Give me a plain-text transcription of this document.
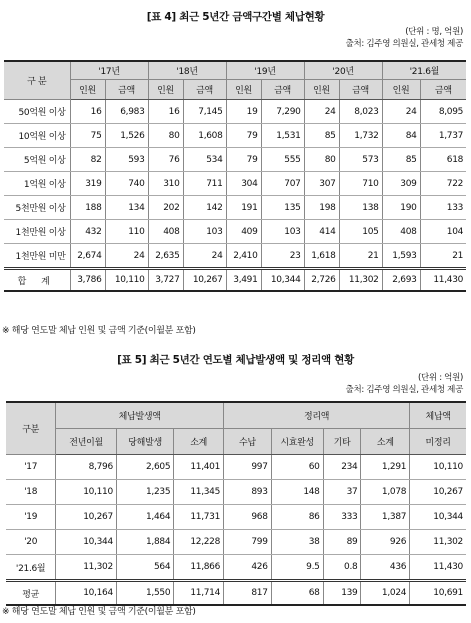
[표 4] 최근 5년간 금액구간별 체납현황
(단위 : 명, 억원)
출처: 김주영 의원실, 관세청 제공
구 분	'17년		'18년		'19년		'20년		'21.6월	
	인원	금액	인원	금액	인원	금액	인원	금액	인원	금액
50억원 이상	16	6,983	16	7,145	19	7,290	24	8,023	24	8,095
10억원 이상	75	1,526	80	1,608	79	1,531	85	1,732	84	1,737
5억원 이상	82	593	76	534	79	555	80	573	85	618
1억원 이상	319	740	310	711	304	707	307	710	309	722
5천만원 이상	188	134	202	142	191	135	198	138	190	133
1천만원 이상	432	110	408	103	409	103	414	105	408	104
1천만원 미만	2,674	24	2,635	24	2,410	23	1,618	21	1,593	21
합 계	3,786	10,110	3,727	10,267	3,491	10,344	2,726	11,302	2,693	11,430
※ 해당 연도말 체납 인원 및 금액 기준(이월분 포함)
[표 5] 최근 5년간 연도별 체납발생액 및 정리액 현황
(단위 : 억원)
출처: 김주영 의원실, 관세청 제공
구분	체납발생액			정리액				체납액
	전년이월	당해발생	소계	수납	시효완성	기타	소계	미정리
'17	8,796	2,605	11,401	997	60	234	1,291	10,110
'18	10,110	1,235	11,345	893	148	37	1,078	10,267
'19	10,267	1,464	11,731	968	86	333	1,387	10,344
'20	10,344	1,884	12,228	799	38	89	926	11,302
'21.6월	11,302	564	11,866	426	9.5	0.8	436	11,430
평균	10,164	1,550	11,714	817	68	139	1,024	10,691
※ 해당 연도말 체납 인원 및 금액 기준(이월분 포함)
